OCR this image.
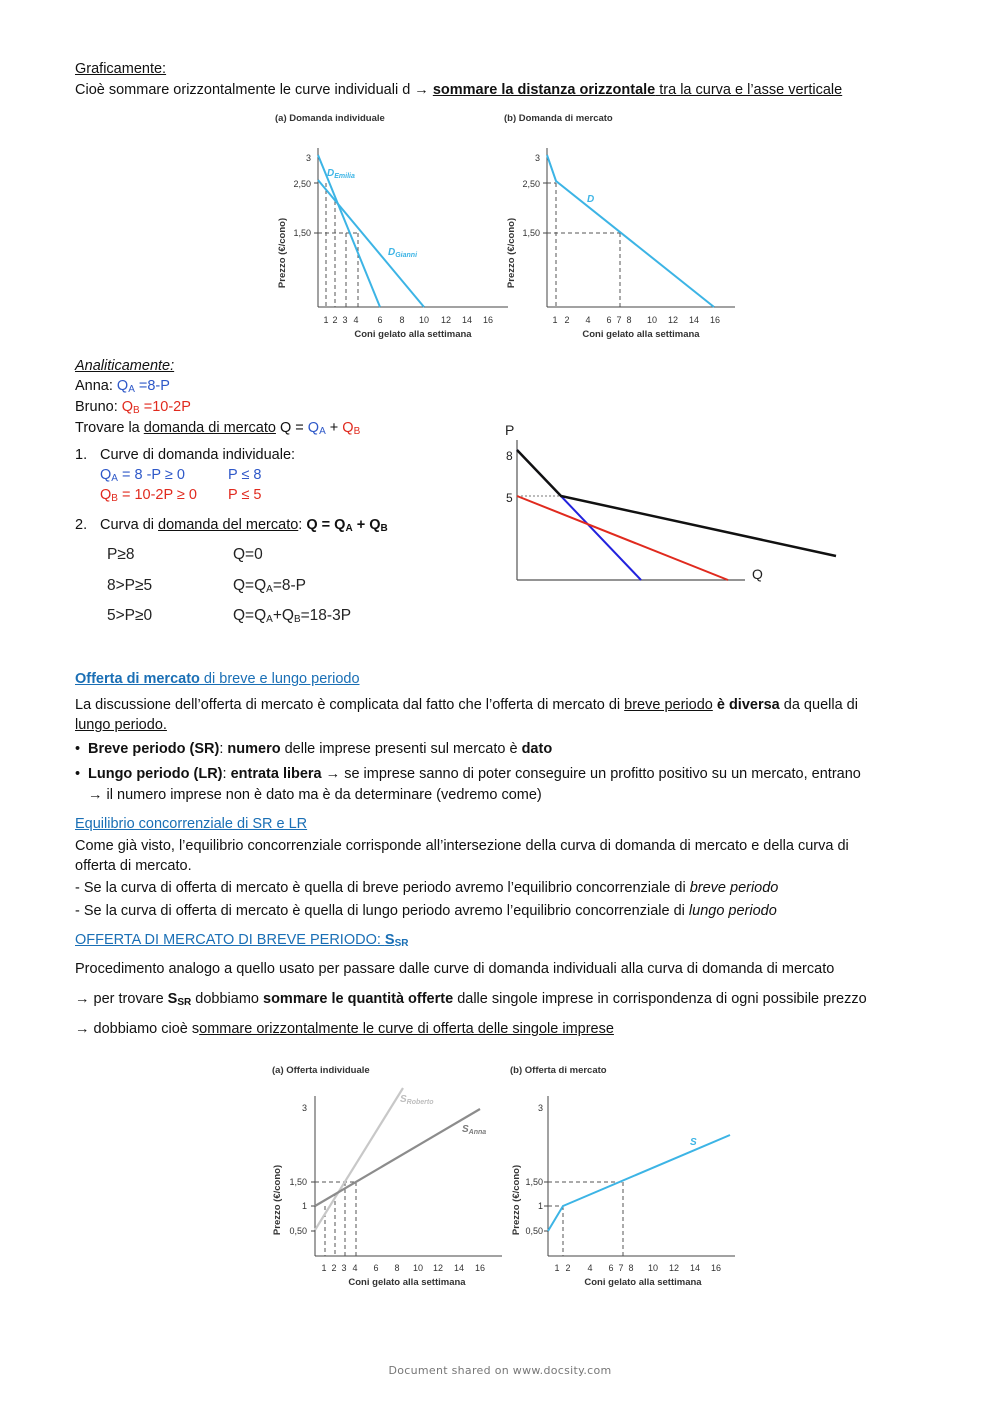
Graficamente:
Cioè sommare orizzontalmente le curve individuali d → sommare la distanza orizzontale tra la curva e l’asse verticale
(a) Domanda individuale
Prezzo (€/cono)
3
2,50
1,50
$D_{Emilia}$
$D_{Gianni}$
1 2 3 4 6 8 10 12 14 16
Coni gelato alla settimana
(b) Domanda di mercato
Prezzo (€/cono)
3
2,50
1,50
D
1 2 4 6 7 8 10 12 14 16
Coni gelato alla settimana
Analiticamente:
Anna: $Q_A =8-P$
Bruno: $Q_B =10-2P$
Trovare la domanda di mercato $Q = Q_A + Q_B$
1. Curve di domanda individuale:
$Q_A = 8$ -P ≥ 0	P ≤ 8
$Q_B = 10-2P \ge 0$ P ≤ 5
2. Curva di domanda del mercato: $Q = Q_A + Q_B$
P≥8	Q=0
8>P≥5	$Q=Q_A=8-P$
5>P≥0	$Q=Q_A+Q_B=18-3P$
P
Q
8
5
Offerta di mercato di breve e lungo periodo
La discussione dell’offerta di mercato è complicata dal fatto che l’offerta di mercato di breve periodo è diversa da quella di
lungo periodo.
• Breve periodo (SR): numero delle imprese presenti sul mercato è dato
• Lungo periodo (LR): entrata libera → se imprese sanno di poter conseguire un profitto positivo su un mercato, entrano
→ il numero imprese non è dato ma è da determinare (vedremo come)
Equilibrio concorrenziale di SR e LR
Come già visto, l’equilibrio concorrenziale corrisponde all’intersezione della curva di domanda di mercato e della curva di
offerta di mercato.
- Se la curva di offerta di mercato è quella di breve periodo avremo l’equilibrio concorrenziale di breve periodo
- Se la curva di offerta di mercato è quella di lungo periodo avremo l’equilibrio concorrenziale di lungo periodo
OFFERTA DI MERCATO DI BREVE PERIODO: $S_{SR}$
Procedimento analogo a quello usato per passare dalle curve di domanda individuali alla curva di domanda di mercato
→ per trovare $S_{SR}$ dobbiamo sommare le quantità offerte dalle singole imprese in corrispondenza di ogni possibile prezzo
→ dobbiamo cioè sommare orizzontalmente le curve di offerta delle singole imprese
(a) Offerta individuale
Prezzo (€/cono)
3
1,50
1
0,50
$S_{Roberto}$
$S_{Anna}$
1 2 3 4 6 8 10 12 14 16
Coni gelato alla settimana
(b) Offerta di mercato
Prezzo (€/cono)
3
1,50
1
0,50
S
1 2 4 6 7 8 10 12 14 16
Coni gelato alla settimana
Document shared on www.docsity.com
